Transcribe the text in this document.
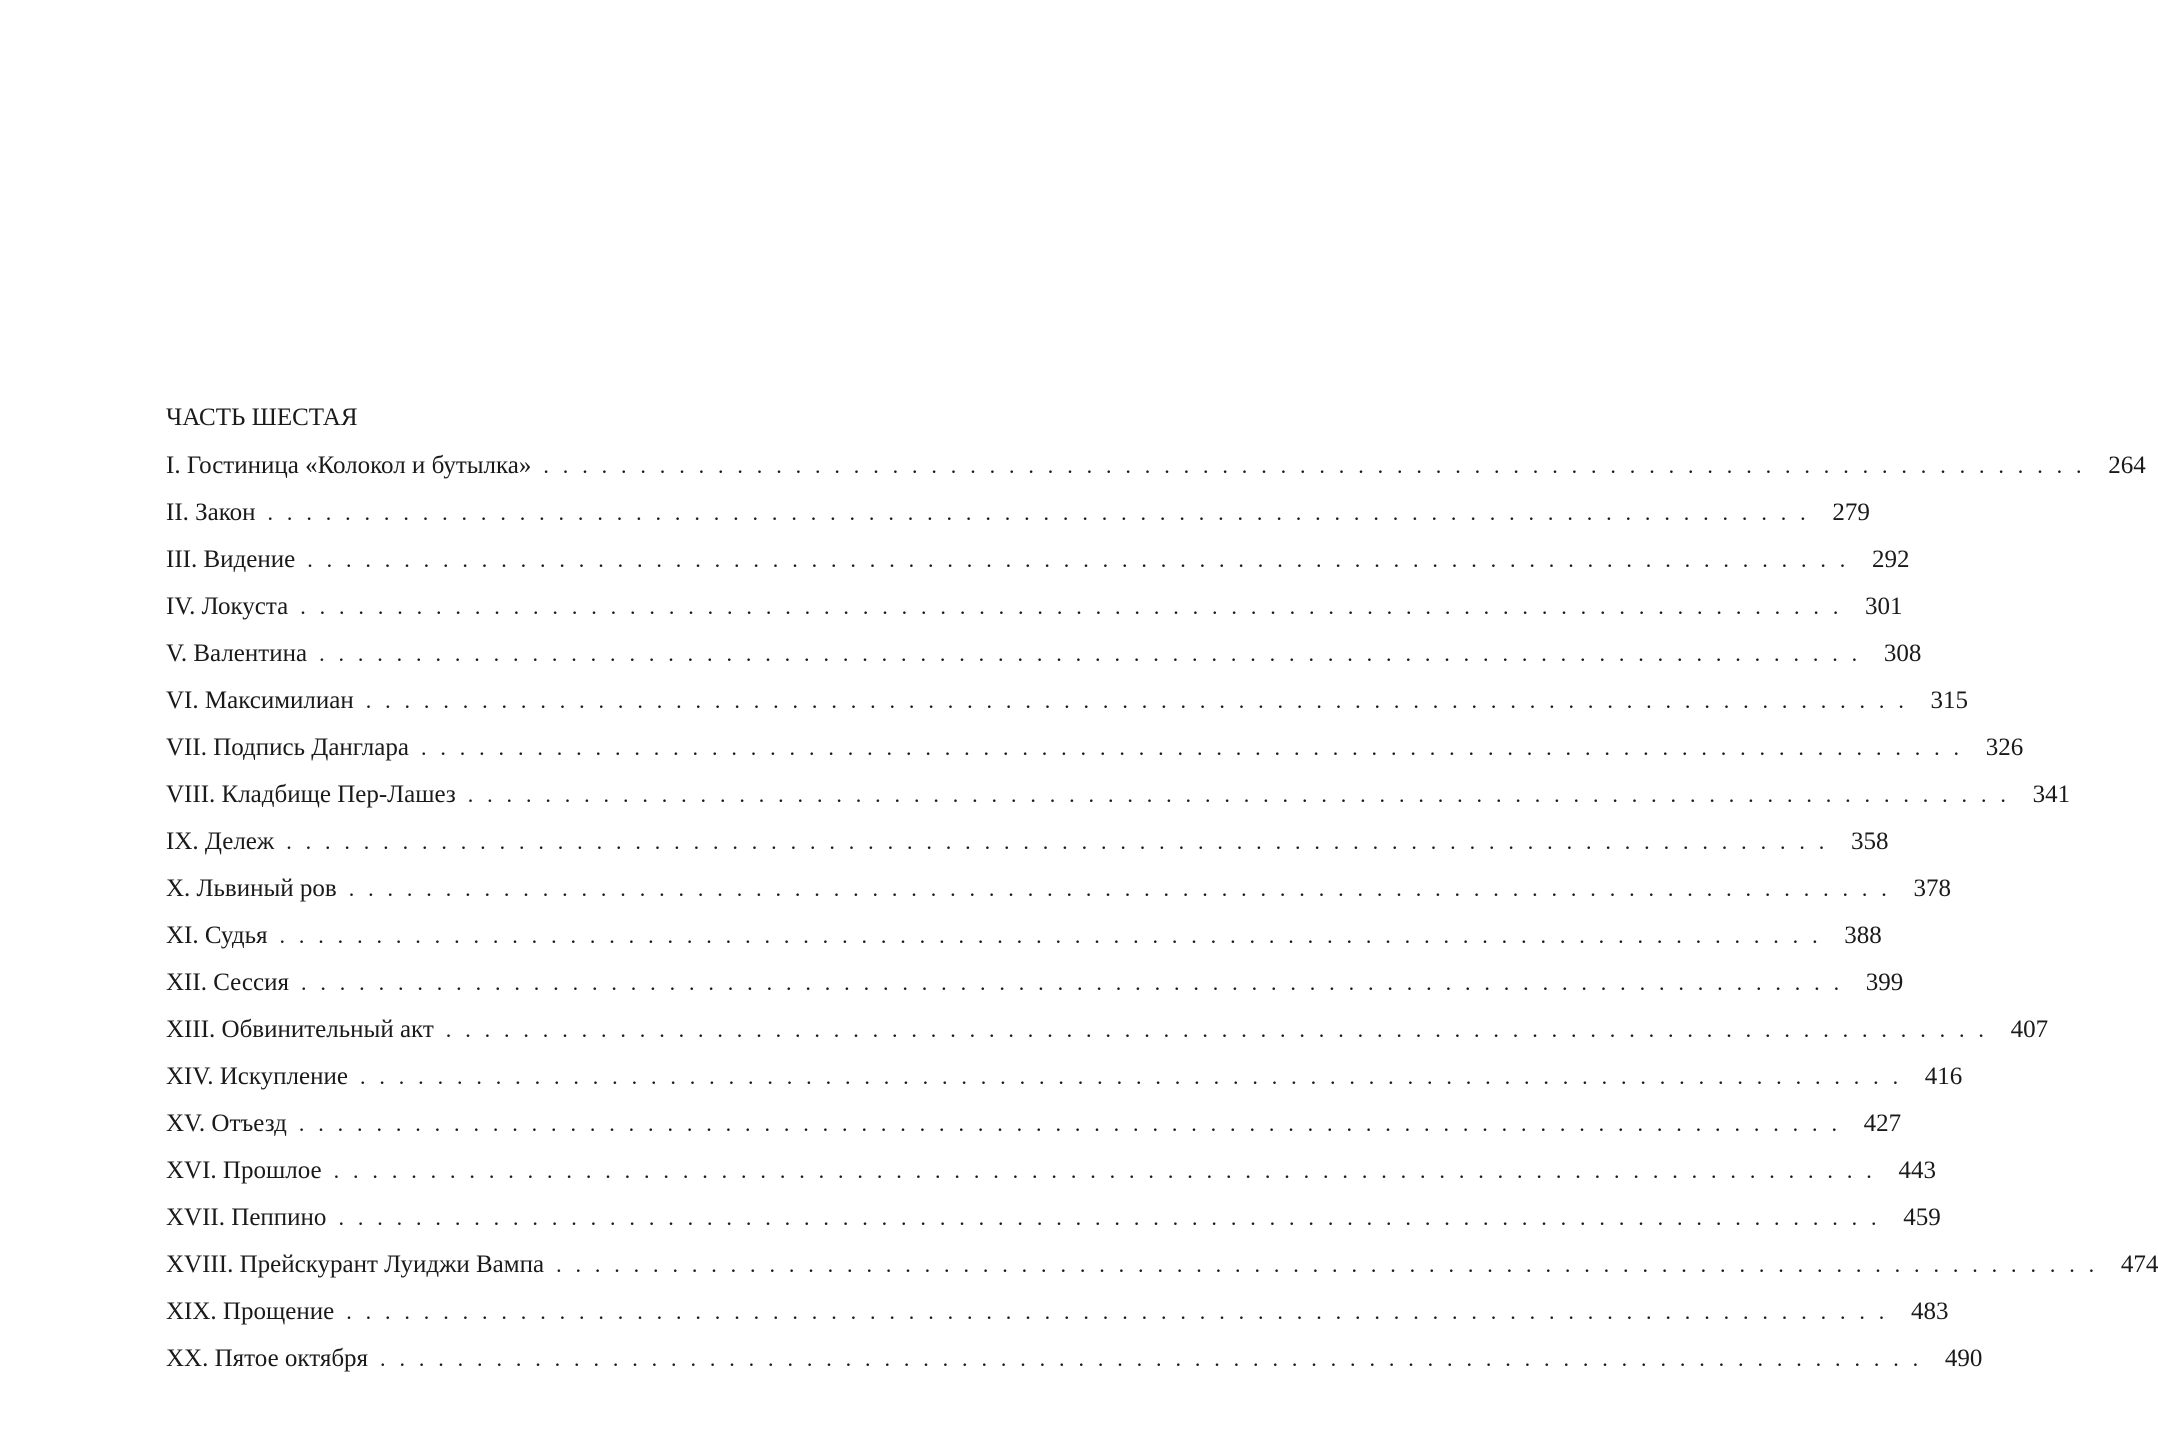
ЧАСТЬ ШЕСТАЯ
I. Гостиница «Колокол и бутылка» . . . . . . . . . . . . . . . . . . . . . . . . . . . . . . . . . . . . . . . . . . . . . . . . . . . . . . . . . . . . . . . . . . . . . . . . . . . . . . . . 264
II. Закон . . . . . . . . . . . . . . . . . . . . . . . . . . . . . . . . . . . . . . . . . . . . . . . . . . . . . . . . . . . . . . . . . . . . . . . . . . . . . . . . 279
III. Видение . . . . . . . . . . . . . . . . . . . . . . . . . . . . . . . . . . . . . . . . . . . . . . . . . . . . . . . . . . . . . . . . . . . . . . . . . . . . . . . . 292
IV. Локуста . . . . . . . . . . . . . . . . . . . . . . . . . . . . . . . . . . . . . . . . . . . . . . . . . . . . . . . . . . . . . . . . . . . . . . . . . . . . . . . . 301
V. Валентина . . . . . . . . . . . . . . . . . . . . . . . . . . . . . . . . . . . . . . . . . . . . . . . . . . . . . . . . . . . . . . . . . . . . . . . . . . . . . . . . 308
VI. Максимилиан . . . . . . . . . . . . . . . . . . . . . . . . . . . . . . . . . . . . . . . . . . . . . . . . . . . . . . . . . . . . . . . . . . . . . . . . . . . . . . . . 315
VII. Подпись Данглара . . . . . . . . . . . . . . . . . . . . . . . . . . . . . . . . . . . . . . . . . . . . . . . . . . . . . . . . . . . . . . . . . . . . . . . . . . . . . . . . 326
VIII. Кладбище Пер-Лашез . . . . . . . . . . . . . . . . . . . . . . . . . . . . . . . . . . . . . . . . . . . . . . . . . . . . . . . . . . . . . . . . . . . . . . . . . . . . . . . . 341
IX. Дележ . . . . . . . . . . . . . . . . . . . . . . . . . . . . . . . . . . . . . . . . . . . . . . . . . . . . . . . . . . . . . . . . . . . . . . . . . . . . . . . . 358
X. Львиный ров . . . . . . . . . . . . . . . . . . . . . . . . . . . . . . . . . . . . . . . . . . . . . . . . . . . . . . . . . . . . . . . . . . . . . . . . . . . . . . . . 378
XI. Судья . . . . . . . . . . . . . . . . . . . . . . . . . . . . . . . . . . . . . . . . . . . . . . . . . . . . . . . . . . . . . . . . . . . . . . . . . . . . . . . . 388
XII. Сессия . . . . . . . . . . . . . . . . . . . . . . . . . . . . . . . . . . . . . . . . . . . . . . . . . . . . . . . . . . . . . . . . . . . . . . . . . . . . . . . . 399
XIII. Обвинительный акт . . . . . . . . . . . . . . . . . . . . . . . . . . . . . . . . . . . . . . . . . . . . . . . . . . . . . . . . . . . . . . . . . . . . . . . . . . . . . . . . 407
XIV. Искупление . . . . . . . . . . . . . . . . . . . . . . . . . . . . . . . . . . . . . . . . . . . . . . . . . . . . . . . . . . . . . . . . . . . . . . . . . . . . . . . . 416
XV. Отъезд . . . . . . . . . . . . . . . . . . . . . . . . . . . . . . . . . . . . . . . . . . . . . . . . . . . . . . . . . . . . . . . . . . . . . . . . . . . . . . . . 427
XVI. Прошлое . . . . . . . . . . . . . . . . . . . . . . . . . . . . . . . . . . . . . . . . . . . . . . . . . . . . . . . . . . . . . . . . . . . . . . . . . . . . . . . . 443
XVII. Пеппино . . . . . . . . . . . . . . . . . . . . . . . . . . . . . . . . . . . . . . . . . . . . . . . . . . . . . . . . . . . . . . . . . . . . . . . . . . . . . . . . 459
XVIII. Прейскурант Луиджи Вампа . . . . . . . . . . . . . . . . . . . . . . . . . . . . . . . . . . . . . . . . . . . . . . . . . . . . . . . . . . . . . . . . . . . . . . . . . . . . . . . . 474
XIX. Прощение . . . . . . . . . . . . . . . . . . . . . . . . . . . . . . . . . . . . . . . . . . . . . . . . . . . . . . . . . . . . . . . . . . . . . . . . . . . . . . . . 483
XX. Пятое октября . . . . . . . . . . . . . . . . . . . . . . . . . . . . . . . . . . . . . . . . . . . . . . . . . . . . . . . . . . . . . . . . . . . . . . . . . . . . . . . . 490
